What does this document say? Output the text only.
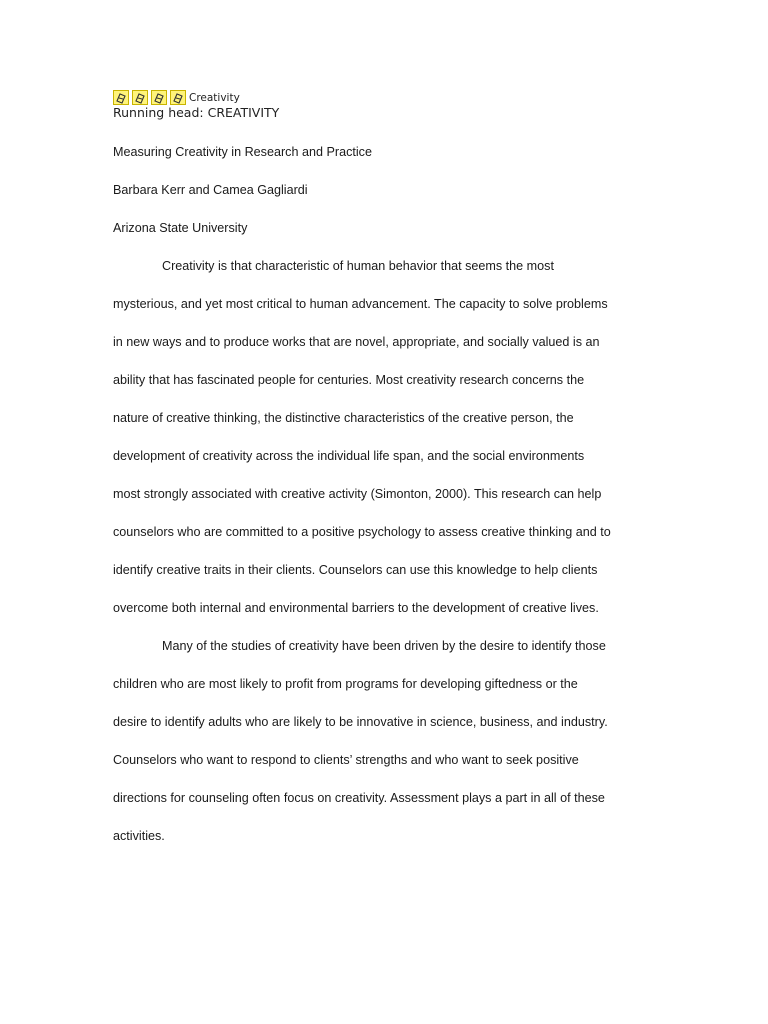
Creativity
Running head: CREATIVITY
Measuring Creativity in Research and Practice
Barbara Kerr and Camea Gagliardi
Arizona State University
Creativity is that characteristic of human behavior that seems the most
mysterious, and yet most critical to human advancement. The capacity to solve problems
in new ways and to produce works that are novel, appropriate, and socially valued is an
ability that has fascinated people for centuries. Most creativity research concerns the
nature of creative thinking, the distinctive characteristics of the creative person, the
development of creativity across the individual life span, and the social environments
most strongly associated with creative activity (Simonton, 2000). This research can help
counselors who are committed to a positive psychology to assess creative thinking and to
identify creative traits in their clients. Counselors can use this knowledge to help clients
overcome both internal and environmental barriers to the development of creative lives.
Many of the studies of creativity have been driven by the desire to identify those
children who are most likely to profit from programs for developing giftedness or the
desire to identify adults who are likely to be innovative in science, business, and industry.
Counselors who want to respond to clients’ strengths and who want to seek positive
directions for counseling often focus on creativity. Assessment plays a part in all of these
activities.
